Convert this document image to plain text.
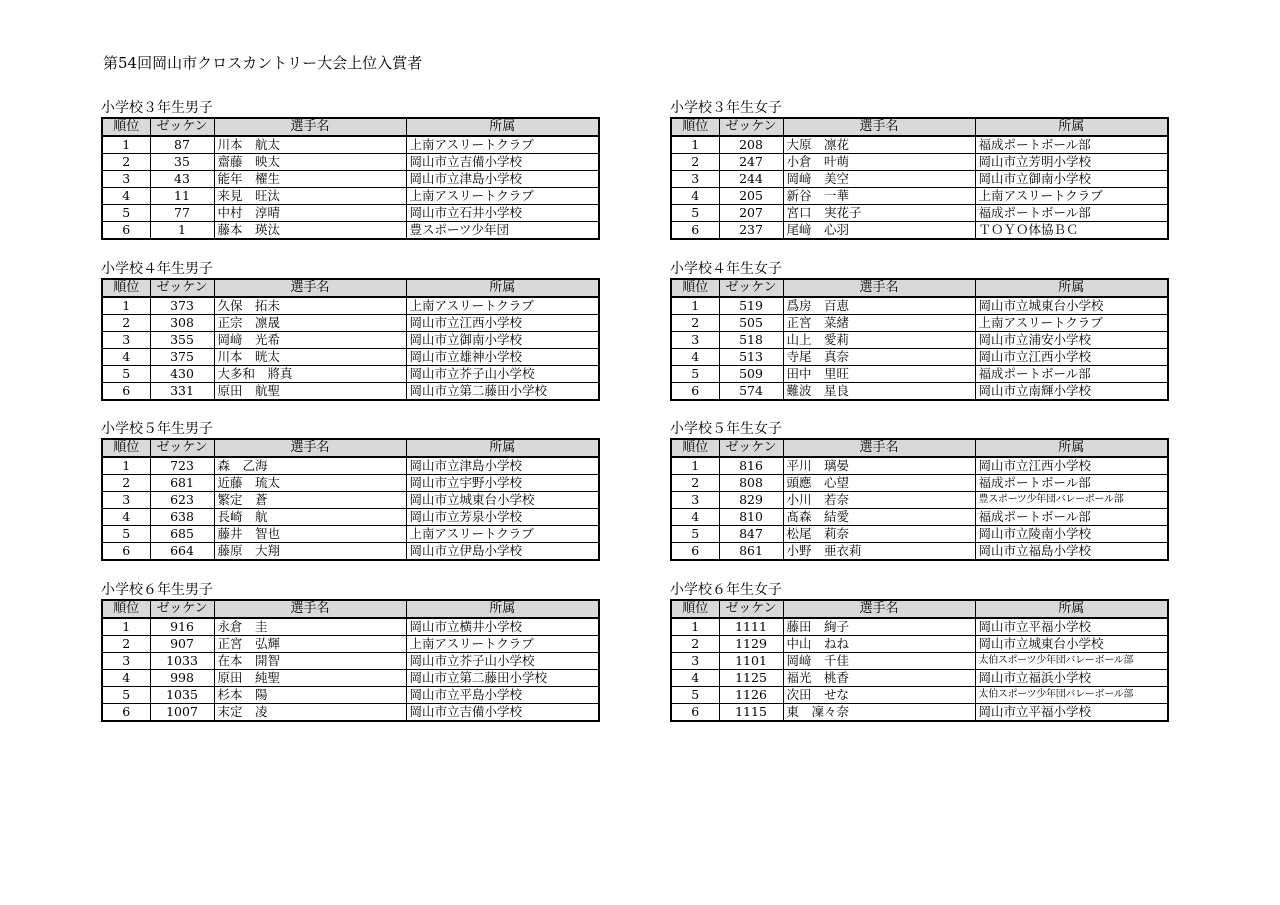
第54回岡山市クロスカントリー大会上位入賞者
小学校３年生男子
順位	ゼッケン	選手名	所属
1	87	川本　航太	上南アスリートクラブ
2	35	齋藤　映太	岡山市立吉備小学校
3	43	能年　櫂生	岡山市立津島小学校
4	11	来見　旺汰	上南アスリートクラブ
5	77	中村　淳晴	岡山市立石井小学校
6	1	藤本　瑛汰	豊スポーツ少年団
小学校３年生女子
順位	ゼッケン	選手名	所属
1	208	大原　凛花	福成ポートボール部
2	247	小倉　叶萌	岡山市立芳明小学校
3	244	岡﨑　美空	岡山市立御南小学校
4	205	新谷　一華	上南アスリートクラブ
5	207	宮口　実花子	福成ポートボール部
6	237	尾﨑　心羽	ＴＯＹＯ体協ＢＣ
小学校４年生男子
順位	ゼッケン	選手名	所属
1	373	久保　拓未	上南アスリートクラブ
2	308	正宗　凛晟	岡山市立江西小学校
3	355	岡﨑　光希	岡山市立御南小学校
4	375	川本　晄太	岡山市立雄神小学校
5	430	大多和　將真	岡山市立芥子山小学校
6	331	原田　航聖	岡山市立第二藤田小学校
小学校４年生女子
順位	ゼッケン	選手名	所属
1	519	爲房　百恵	岡山市立城東台小学校
2	505	正宮　菜緒	上南アスリートクラブ
3	518	山上　愛莉	岡山市立浦安小学校
4	513	寺尾　真奈	岡山市立江西小学校
5	509	田中　里旺	福成ポートボール部
6	574	難波　星良	岡山市立南輝小学校
小学校５年生男子
順位	ゼッケン	選手名	所属
1	723	森　乙海	岡山市立津島小学校
2	681	近藤　琉太	岡山市立宇野小学校
3	623	繁定　蒼	岡山市立城東台小学校
4	638	長崎　航	岡山市立芳泉小学校
5	685	藤井　智也	上南アスリートクラブ
6	664	藤原　大翔	岡山市立伊島小学校
小学校５年生女子
順位	ゼッケン	選手名	所属
1	816	平川　璃晏	岡山市立江西小学校
2	808	頭應　心望	福成ポートボール部
3	829	小川　若奈	豊スポーツ少年団バレーボール部
4	810	髙森　結愛	福成ポートボール部
5	847	松尾　莉奈	岡山市立陵南小学校
6	861	小野　亜衣莉	岡山市立福島小学校
小学校６年生男子
順位	ゼッケン	選手名	所属
1	916	永倉　圭	岡山市立横井小学校
2	907	正宮　弘輝	上南アスリートクラブ
3	1033	在本　開智	岡山市立芥子山小学校
4	998	原田　純聖	岡山市立第二藤田小学校
5	1035	杉本　陽	岡山市立平島小学校
6	1007	末定　凌	岡山市立吉備小学校
小学校６年生女子
順位	ゼッケン	選手名	所属
1	1111	藤田　絢子	岡山市立平福小学校
2	1129	中山　ねね	岡山市立城東台小学校
3	1101	岡﨑　千佳	太伯スポーツ少年団バレーボール部
4	1125	福光　桃香	岡山市立福浜小学校
5	1126	次田　せな	太伯スポーツ少年団バレーボール部
6	1115	東　凜々奈	岡山市立平福小学校
